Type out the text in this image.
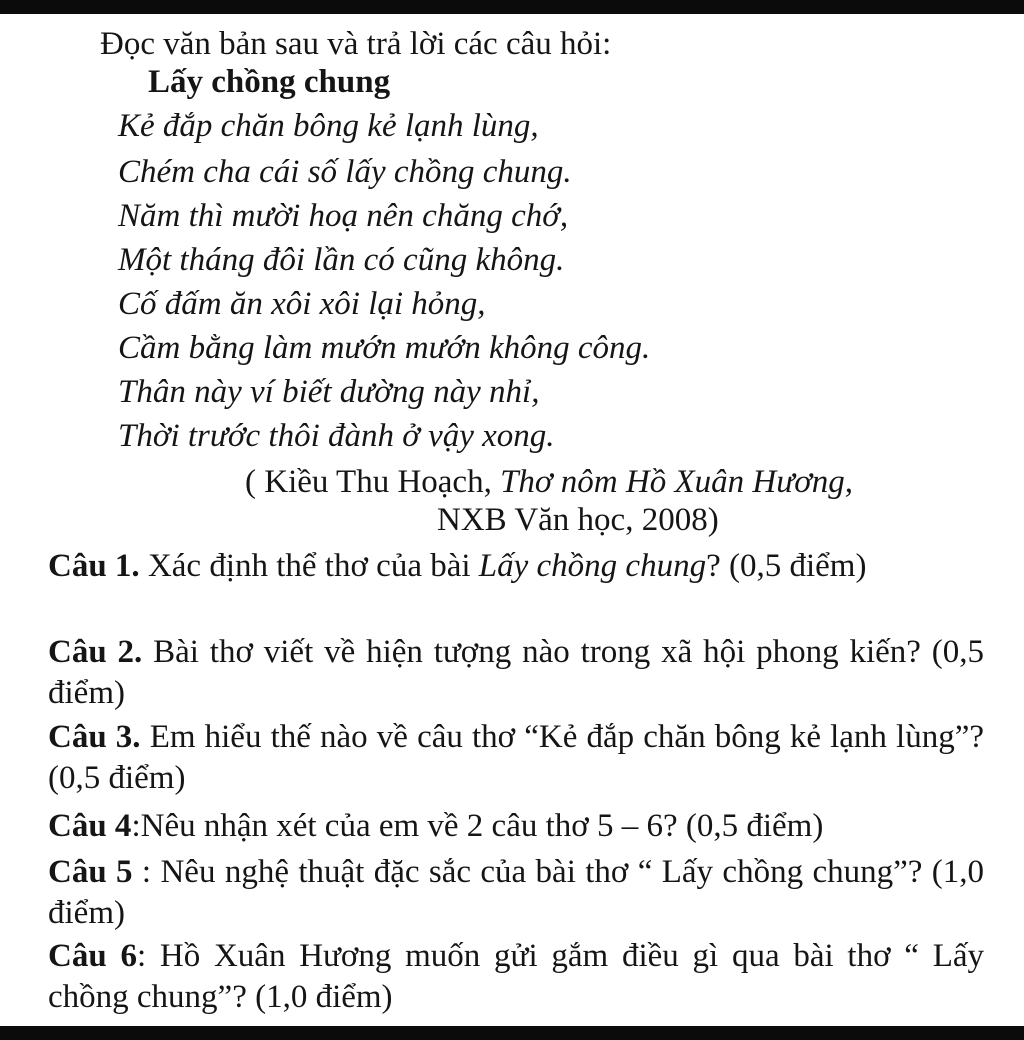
Đọc văn bản sau và trả lời các câu hỏi:
Lấy chồng chung
Kẻ đắp chăn bông kẻ lạnh lùng,
Chém cha cái số lấy chồng chung.
Năm thì mười hoạ nên chăng chớ,
Một tháng đôi lần có cũng không.
Cố đấm ăn xôi xôi lại hỏng,
Cầm bằng làm mướn mướn không công.
Thân này ví biết dường này nhỉ,
Thời trước thôi đành ở vậy xong.
( Kiều Thu Hoạch, Thơ nôm Hồ Xuân Hương,
NXB Văn học, 2008)
Câu 1. Xác định thể thơ của bài Lấy chồng chung? (0,5 điểm)
Câu 2. Bài thơ viết về hiện tượng nào trong xã hội phong kiến? (0,5 điểm)
Câu 3. Em hiểu thế nào về câu thơ “Kẻ đắp chăn bông kẻ lạnh lùng”? (0,5 điểm)
Câu 4:Nêu nhận xét của em về 2 câu thơ 5 – 6? (0,5 điểm)
Câu 5 : Nêu nghệ thuật đặc sắc của bài thơ “ Lấy chồng chung”? (1,0 điểm)
Câu 6: Hồ Xuân Hương muốn gửi gắm điều gì qua bài thơ “ Lấy chồng chung”? (1,0 điểm)
